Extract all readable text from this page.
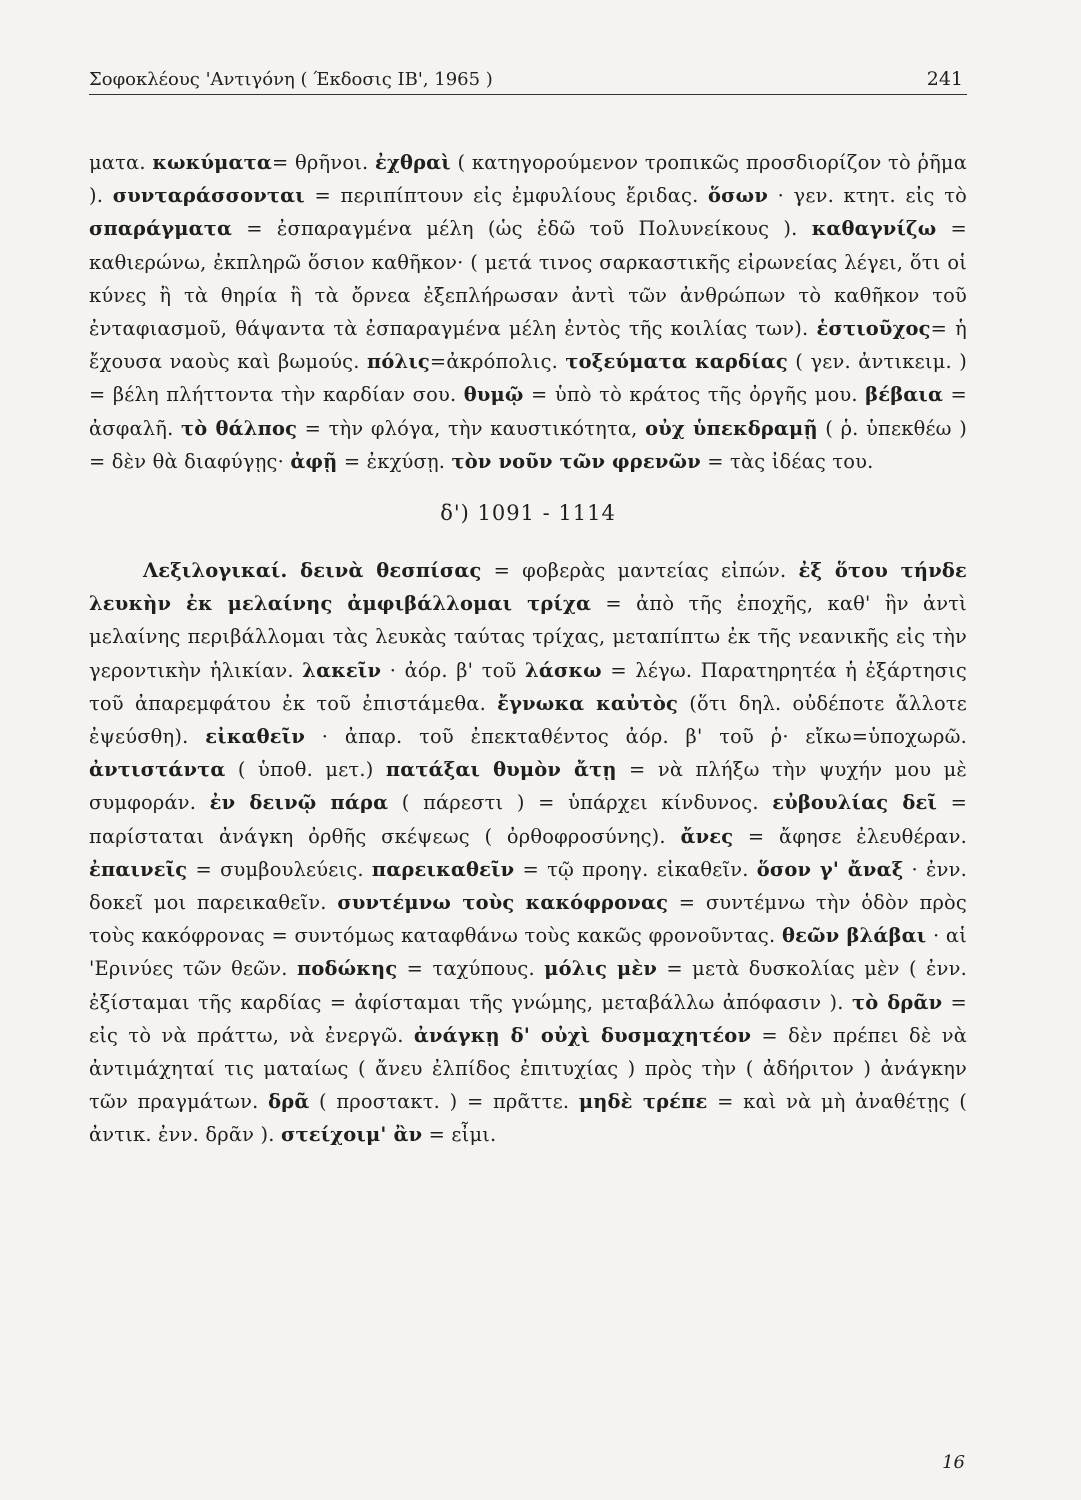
Σοφοκλέους 'Αντιγόνη ( Έκδοσις ΙΒ', 1965 )	241

ματα. κωκύματα= θρῆνοι. ἐχθραὶ ( κατηγορούμενον τροπικῶς προσδιορίζον τὸ ῥῆμα ). συνταράσσονται = περιπίπτουν εἰς ἐμφυλίους ἔριδας. ὅσων · γεν. κτητ. εἰς τὸ σπαράγματα = ἐσπαραγμένα μέλη (ὡς ἐδῶ τοῦ Πολυνείκους ). καθαγνίζω = καθιερώνω, ἐκπληρῶ ὅσιον καθῆκον· ( μετά τινος σαρκαστικῆς εἰρωνείας λέγει, ὅτι οἱ κύνες ἢ τὰ θηρία ἢ τὰ ὄρνεα ἐξεπλήρωσαν ἀντὶ τῶν ἀνθρώπων τὸ καθῆκον τοῦ ἐνταφιασμοῦ, θάψαντα τὰ ἐσπαραγμένα μέλη ἐντὸς τῆς κοιλίας των). ἑστιοῦχος= ἡ ἔχουσα ναοὺς καὶ βωμούς. πόλις=ἀκρόπολις. τοξεύματα καρδίας ( γεν. ἀντικειμ. ) = βέλη πλήττοντα τὴν καρδίαν σου. θυμῷ = ὑπὸ τὸ κράτος τῆς ὀργῆς μου. βέβαια = ἀσφαλῆ. τὸ θάλπος = τὴν φλόγα, τὴν καυστικότητα, οὐχ ὑπεκδραμῇ ( ῥ. ὑπεκθέω ) = δὲν θὰ διαφύγῃς· ἀφῇ = ἐκχύσῃ. τὸν νοῦν τῶν φρενῶν = τὰς ἰδέας του.

δ') 1091 - 1114

Λεξιλογικαί. δεινὰ θεσπίσας = φοβερὰς μαντείας εἰπών. ἐξ ὅτου τήνδε λευκὴν ἐκ μελαίνης ἀμφιβάλλομαι τρίχα = ἀπὸ τῆς ἐποχῆς, καθ' ἣν ἀντὶ μελαίνης περιβάλλομαι τὰς λευκὰς ταύτας τρίχας, μεταπίπτω ἐκ τῆς νεανικῆς εἰς τὴν γεροντικὴν ἡλικίαν. λακεῖν · ἀόρ. β' τοῦ λάσκω = λέγω. Παρατηρητέα ἡ ἐξάρτησις τοῦ ἀπαρεμφάτου ἐκ τοῦ ἐπιστάμεθα. ἔγνωκα καὐτὸς (ὅτι δηλ. οὐδέποτε ἄλλοτε ἐψεύσθη). εἰκαθεῖν · ἀπαρ. τοῦ ἐπεκταθέντος ἀόρ. β' τοῦ ῥ· εἴκω=ὑποχωρῶ. ἀντιστάντα ( ὑποθ. μετ.) πατάξαι θυμὸν ἄτῃ = νὰ πλήξω τὴν ψυχήν μου μὲ συμφοράν. ἐν δεινῷ πάρα ( πάρεστι ) = ὑπάρχει κίνδυνος. εὐβουλίας δεῖ = παρίσταται ἀνάγκη ὀρθῆς σκέψεως ( ὀρθοφροσύνης). ἄνες = ἄφησε ἐλευθέραν. ἐπαινεῖς = συμβουλεύεις. παρεικαθεῖν = τῷ προηγ. εἰκαθεῖν. ὅσον γ' ἄναξ · ἐνν. δοκεῖ μοι παρεικαθεῖν. συντέμνω τοὺς κακόφρονας = συντέμνω τὴν ὁδὸν πρὸς τοὺς κακόφρονας = συντόμως καταφθάνω τοὺς κακῶς φρονοῦντας. θεῶν βλάβαι · αἱ 'Ερινύες τῶν θεῶν. ποδώκης = ταχύπους. μόλις μὲν = μετὰ δυσκολίας μὲν ( ἐνν. ἐξίσταμαι τῆς καρδίας = ἀφίσταμαι τῆς γνώμης, μεταβάλλω ἀπόφασιν ). τὸ δρᾶν = εἰς τὸ νὰ πράττω, νὰ ἐνεργῶ. ἀνάγκῃ δ' οὐχὶ δυσμαχητέον = δὲν πρέπει δὲ νὰ ἀντιμάχηταί τις ματαίως ( ἄνευ ἐλπίδος ἐπιτυχίας ) πρὸς τὴν ( ἀδήριτον ) ἀνάγκην τῶν πραγμάτων. δρᾶ ( προστακτ. ) = πρᾶττε. μηδὲ τρέπε = καὶ νὰ μὴ ἀναθέτῃς ( ἀντικ. ἐνν. δρᾶν ). στείχοιμ' ἂν = εἶμι.

16
